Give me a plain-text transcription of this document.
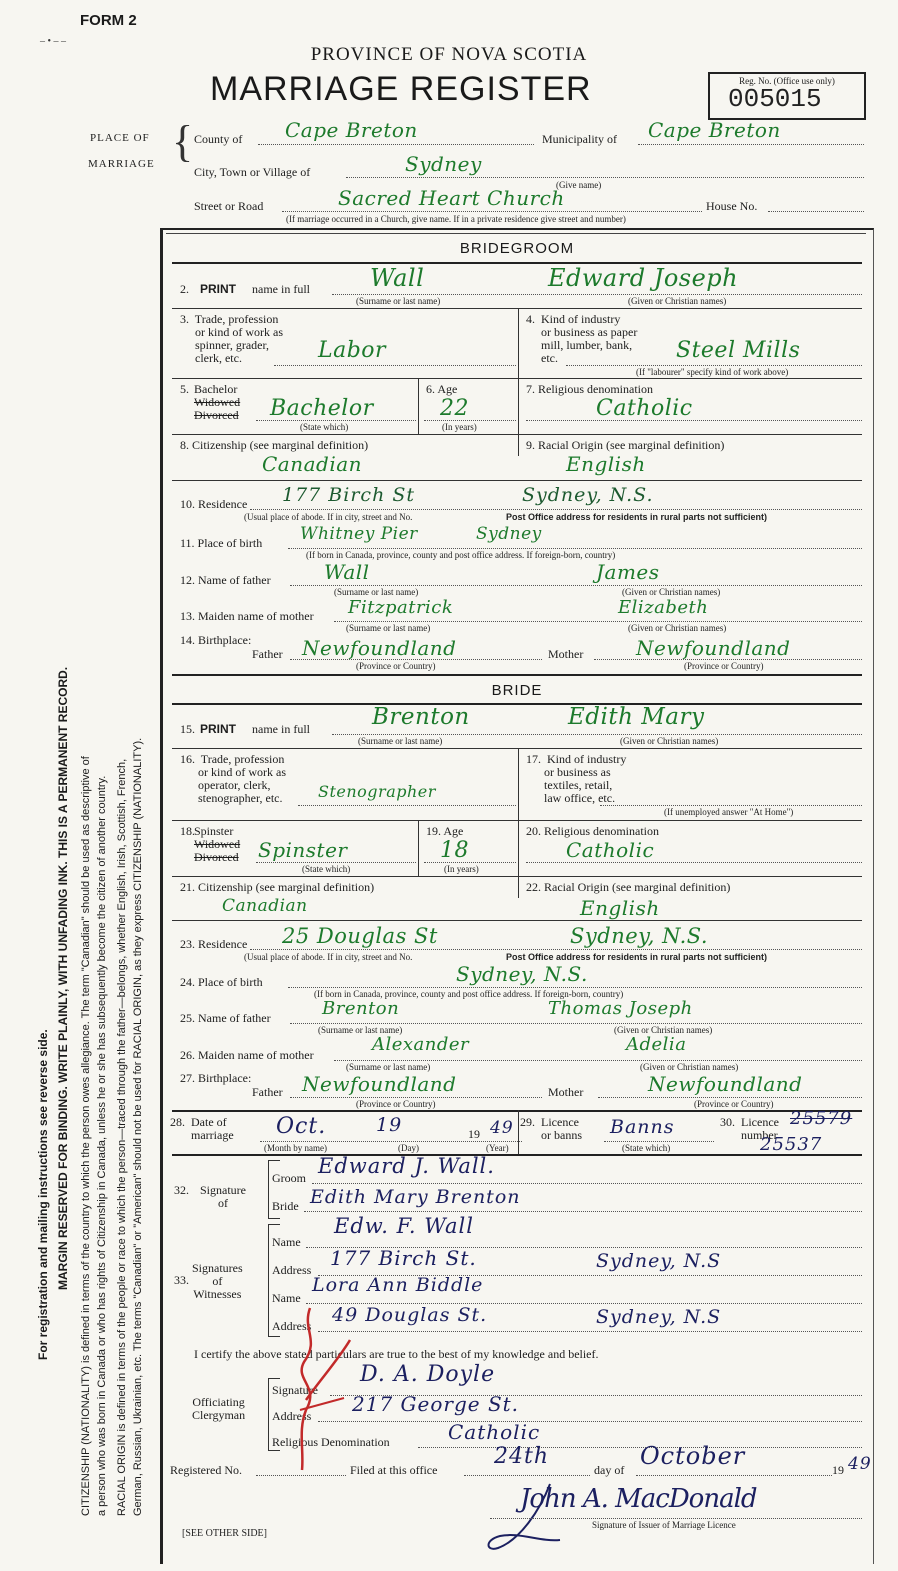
FORM 2
‒ • ‒ ‒
PROVINCE OF NOVA SCOTIA
MARRIAGE REGISTER	Reg. No. (Office use only)
005015
PLACE OF
MARRIAGE { County of Cape Breton	Municipality of Cape Breton
City, Town or Village of	Sydney
(Give name)
Street or Road	Sacred Heart Church	House No.
(If marriage occurred in a Church, give name. If in a private residence give street and number)
For registration and mailing instructions see reverse side. MARGIN RESERVED FOR BINDING. WRITE PLAINLY, WITH UNFADING INK. THIS IS A PERMANENT RECORD. CITIZENSHIP (NATIONALITY) is defined in terms of the country to which the person owes allegiance. The term "Canadian" should be used as descriptive of a person who was born in Canada or who has rights of Citizenship in Canada, unless he or she has subsequently become the citizen of another country. RACIAL ORIGIN is defined in terms of the people or race to which the person—traced through the father—belongs, whether English, Irish, Scottish, French, German, Russian, Ukrainian, etc. The terms "Canadian" or "American" should not be used for RACIAL ORIGIN, as they express CITIZENSHIP (NATIONALITY).
BRIDEGROOM
2. PRINT name in full	Wall	Edward Joseph
(Surname or last name)	(Given or Christian names)
3.  Trade, profession
or kind of work as
spinner, grader,
clerk, etc.	Labor
4.  Kind of industry
or business as paper
mill, lumber, bank,
etc.	Steel Mills
(If "labourer" specify kind of work above)
5. Bachelor
Widowed
Divorced Bachelor
(State which)
6. Age
22
(In years)
7. Religious denomination
Catholic
8. Citizenship (see marginal definition)
Canadian
9. Racial Origin (see marginal definition)
English
10. Residence 177 Birch St	Sydney, N.S.
(Usual place of abode. If in city, street and No.	Post Office address for residents in rural parts not sufficient)
11. Place of birth Whitney Pier	Sydney
(If born in Canada, province, county and post office address. If foreign-born, country)
12. Name of father	Wall	James
(Surname or last name)	(Given or Christian names)
13. Maiden name of mother Fitzpatrick	Elizabeth
(Surname or last name)	(Given or Christian names)
14. Birthplace:
Father Newfoundland
(Province or Country)
Mother	Newfoundland
(Province or Country)
BRIDE
15. PRINT name in full	Brenton	Edith Mary
(Surname or last name)	(Given or Christian names)
16.  Trade, profession
or kind of work as
operator, clerk,
stenographer, etc. Stenographer
17.  Kind of industry
or business as
textiles, retail,
law office, etc.
(If unemployed answer "At Home")
18. Spinster
Widowed
Divorced Spinster
(State which)
19. Age
18
(In years)
20. Religious denomination
Catholic
21. Citizenship (see marginal definition)
Canadian
22. Racial Origin (see marginal definition)
English
23. Residence 25 Douglas St	Sydney, N.S.
(Usual place of abode. If in city, street and No.	Post Office address for residents in rural parts not sufficient)
24. Place of birth	Sydney, N.S.
(If born in Canada, province, county and post office address. If foreign-born, country)
25. Name of father	Brenton	Thomas Joseph
(Surname or last name)	(Given or Christian names)
26. Maiden name of mother	Alexander	Adelia
(Surname or last name)	(Given or Christian names)
27. Birthplace:
Father Newfoundland
(Province or Country)
Mother	Newfoundland
(Province or Country)
28.  Date of
marriage Oct.	19	19 49
(Month by name)	(Day)	(Year)
29.  Licence
or banns Banns
(State which)
30.  Licence
number
25579
25537
32. Signature
of
Groom Edward J. Wall.
Bride Edith Mary Brenton
33.
Signatures
of
Witnesses
Name
Edw. F. Wall
Address 177 Birch St.	Sydney, N.S
Name
Lora Ann Biddle
Address 49 Douglas St.	Sydney, N.S
I certify the above stated particulars are true to the best of my knowledge and belief.
Officiating
Clergyman
Signature
D. A. Doyle
Address 217 George St.
Religious Denomination	Catholic
Registered No.	Filed at this office
24th
day of October	19 49
John A. MacDonald
Signature of Issuer of Marriage Licence
[SEE OTHER SIDE]
